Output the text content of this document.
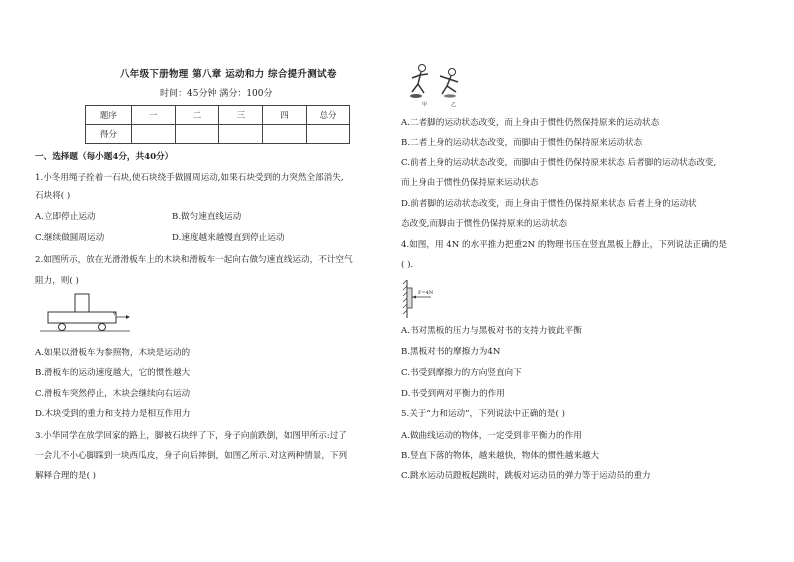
八年级下册物理 第八章 运动和力 综合提升测试卷
时间：45分钟 满分：100分
题序	一	二	三	四	总分
得分					
一、选择题（每小题4分，共40分）
1.小冬用绳子拴着一石块,使石块绕手做圆周运动,如果石块受到的力突然全部消失,
石块将( )
A.立即停止运动	B.做匀速直线运动
C.继续做圆周运动	D.速度越来越慢直到停止运动
2.如图所示，放在光滑滑板车上的木块和滑板车一起向右做匀速直线运动，不计空气
阻力，则( )
v
A.如果以滑板车为参照物，木块是运动的
B.滑板车的运动速度越大，它的惯性越大
C.滑板车突然停止，木块会继续向右运动
D.木块受到的重力和支持力是相互作用力
3.小华同学在放学回家的路上，脚被石块绊了下，身子向前跌倒，如图甲所示:过了
一会儿不小心脚踩到一块西瓜皮，身子向后摔倒，如图乙所示.对这两种情景，下列
解释合理的是( )
甲	乙
A.二者脚的运动状态改变，而上身由于惯性仍然保持原来的运动状态
B.二者上身的运动状态改变，而脚由于惯性仍保持原来运动状态
C.前者上身的运动状态改变，而脚由于惯性仍保持原来状态 后者脚的运动状态改变,
而上身由于惯性仍保持原来运动状态
D.前者脚的运动状态改变，而上身由于惯性仍保持原来状态 后者上身的运动状
态改变,而脚由于惯性仍保持原来的运动状态
4.如图，用 4N 的水平推力把重2N 的物理书压在竖直黑板上静止，下列说法正确的是
( ).
F=4N
A.书对黑板的压力与黑板对书的支持力彼此平衡
B.黑板对书的摩擦力为4N
C.书受到摩擦力的方向竖直向下
D.书受到两对平衡力的作用
5.关于“力和运动”，下列说法中正确的是( )
A.做曲线运动的物体，一定受到非平衡力的作用
B.竖直下落的物体，越来越快，物体的惯性越来越大
C.跳水运动员蹬板起跳时，跳板对运动员的弹力等于运动员的重力
